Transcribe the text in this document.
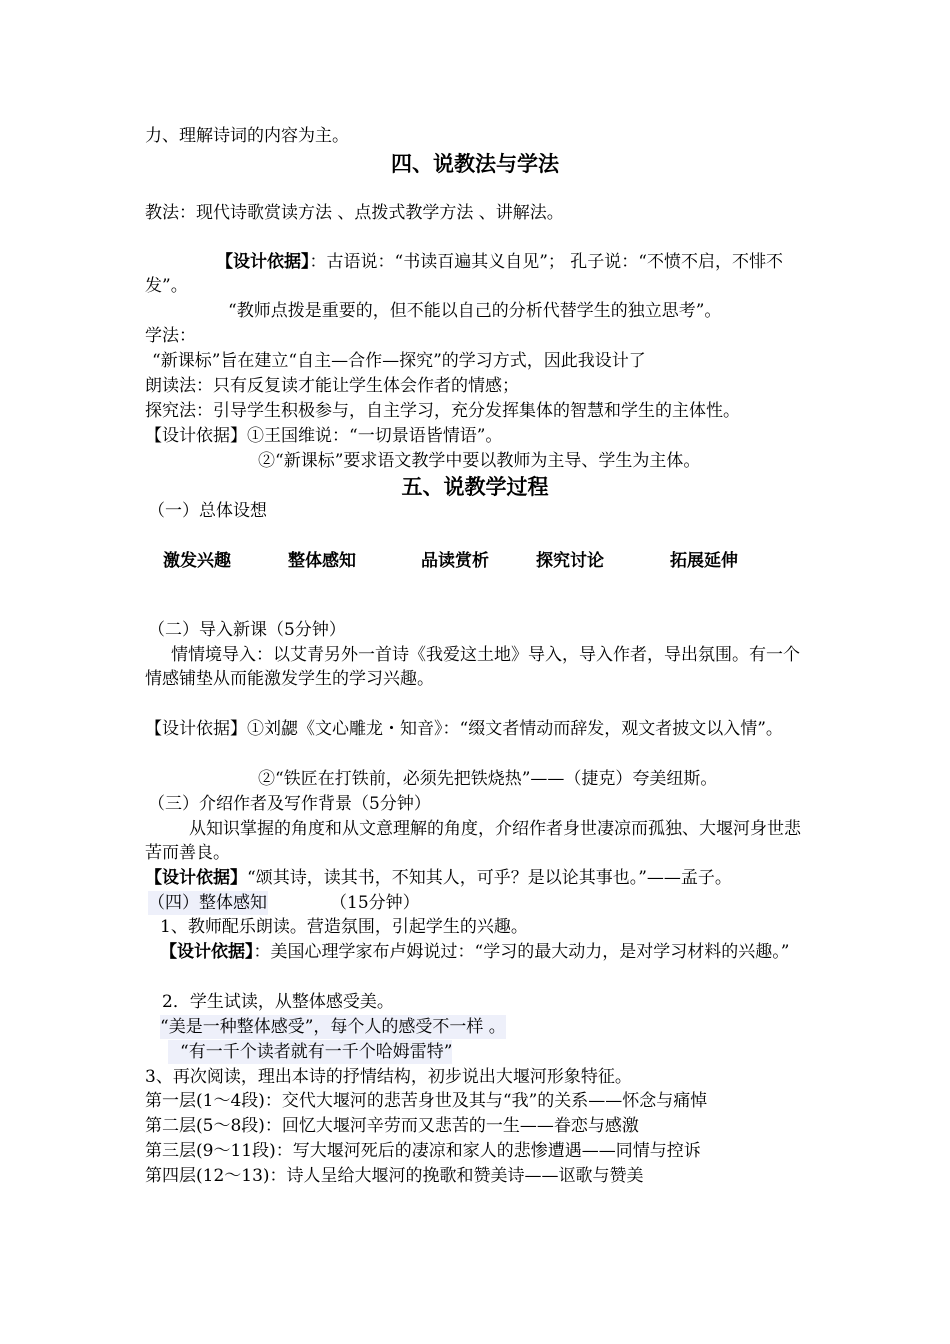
力、理解诗词的内容为主。
四、说教法与学法
教法：现代诗歌赏读方法 、点拨式教学方法 、讲解法。
【设计依据】：古语说：“书读百遍其义自见”； 孔子说：“不愤不启，不悱不发”。
“教师点拨是重要的，但不能以自己的分析代替学生的独立思考”。
学法：
“新课标”旨在建立“自主—合作—探究”的学习方式，因此我设计了
朗读法：只有反复读才能让学生体会作者的情感；
探究法：引导学生积极参与，自主学习，充分发挥集体的智慧和学生的主体性。
【设计依据】①王国维说：“一切景语皆情语”。
②“新课标”要求语文教学中要以教师为主导、学生为主体。
五、说教学过程
（一）总体设想
激发兴趣	整体感知	品读赏析	探究讨论	拓展延伸
（二）导入新课（5分钟）
情情境导入：以艾青另外一首诗《我爱这土地》导入，导入作者，导出氛围。有一个情感铺垫从而能激发学生的学习兴趣。
【设计依据】①刘勰《文心雕龙・知音》：“缀文者情动而辞发，观文者披文以入情”。
②“铁匠在打铁前，必须先把铁烧热”——（捷克）夸美纽斯。
（三）介绍作者及写作背景（5分钟）
从知识掌握的角度和从文意理解的角度，介绍作者身世凄凉而孤独、大堰河身世悲苦而善良。
【设计依据】“颂其诗，读其书，不知其人，可乎？是以论其事也。”——孟子。
（四）整体感知	（15分钟）
1、教师配乐朗读。营造氛围，引起学生的兴趣。
【设计依据】：美国心理学家布卢姆说过：“学习的最大动力，是对学习材料的兴趣。”
2．学生试读，从整体感受美。
“美是一种整体感受”，每个人的感受不一样 。
“有一千个读者就有一千个哈姆雷特”
3、再次阅读，理出本诗的抒情结构，初步说出大堰河形象特征。
第一层(1～4段)：交代大堰河的悲苦身世及其与“我”的关系——怀念与痛悼
第二层(5～8段)：回忆大堰河辛劳而又悲苦的一生——眷恋与感激
第三层(9～11段)：写大堰河死后的凄凉和家人的悲惨遭遇——同情与控诉
第四层(12～13)：诗人呈给大堰河的挽歌和赞美诗——讴歌与赞美
